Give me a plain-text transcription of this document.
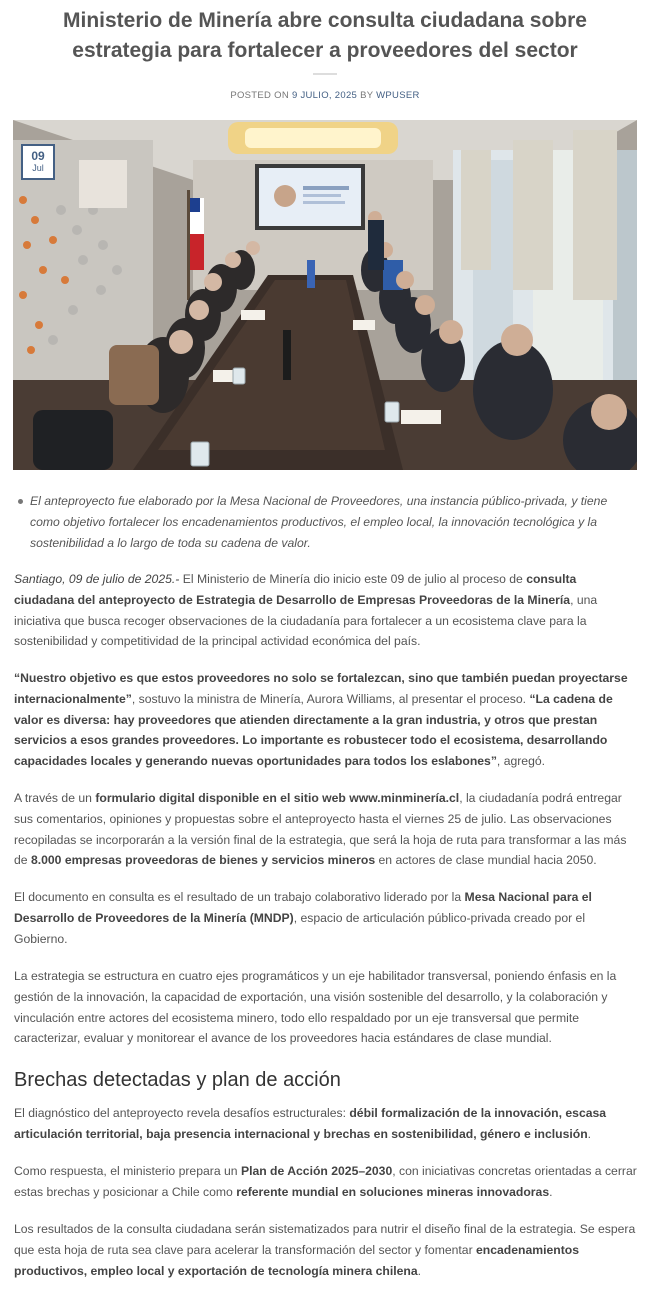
Ministerio de Minería abre consulta ciudadana sobre estrategia para fortalecer a proveedores del sector
POSTED ON 9 JULIO, 2025 BY WPUSER
09
Jul
El anteproyecto fue elaborado por la Mesa Nacional de Proveedores, una instancia público-privada, y tiene como objetivo fortalecer los encadenamientos productivos, el empleo local, la innovación tecnológica y la sostenibilidad a lo largo de toda su cadena de valor.

Santiago, 09 de julio de 2025.- El Ministerio de Minería dio inicio este 09 de julio al proceso de consulta ciudadana del anteproyecto de Estrategia de Desarrollo de Empresas Proveedoras de la Minería, una iniciativa que busca recoger observaciones de la ciudadanía para fortalecer a un ecosistema clave para la sostenibilidad y competitividad de la principal actividad económica del país.

“Nuestro objetivo es que estos proveedores no solo se fortalezcan, sino que también puedan proyectarse internacionalmente”, sostuvo la ministra de Minería, Aurora Williams, al presentar el proceso. “La cadena de valor es diversa: hay proveedores que atienden directamente a la gran industria, y otros que prestan servicios a esos grandes proveedores. Lo importante es robustecer todo el ecosistema, desarrollando capacidades locales y generando nuevas oportunidades para todos los eslabones”, agregó.

A través de un formulario digital disponible en el sitio web www.minminería.cl, la ciudadanía podrá entregar sus comentarios, opiniones y propuestas sobre el anteproyecto hasta el viernes 25 de julio. Las observaciones recopiladas se incorporarán a la versión final de la estrategia, que será la hoja de ruta para transformar a las más de 8.000 empresas proveedoras de bienes y servicios mineros en actores de clase mundial hacia 2050.

El documento en consulta es el resultado de un trabajo colaborativo liderado por la Mesa Nacional para el Desarrollo de Proveedores de la Minería (MNDP), espacio de articulación público-privada creado por el Gobierno.

La estrategia se estructura en cuatro ejes programáticos y un eje habilitador transversal, poniendo énfasis en la gestión de la innovación, la capacidad de exportación, una visión sostenible del desarrollo, y la colaboración y vinculación entre actores del ecosistema minero, todo ello respaldado por un eje transversal que permite caracterizar, evaluar y monitorear el avance de los proveedores hacia estándares de clase mundial.

Brechas detectadas y plan de acción

El diagnóstico del anteproyecto revela desafíos estructurales: débil formalización de la innovación, escasa articulación territorial, baja presencia internacional y brechas en sostenibilidad, género e inclusión.

Como respuesta, el ministerio prepara un Plan de Acción 2025–2030, con iniciativas concretas orientadas a cerrar estas brechas y posicionar a Chile como referente mundial en soluciones mineras innovadoras.

Los resultados de la consulta ciudadana serán sistematizados para nutrir el diseño final de la estrategia. Se espera que esta hoja de ruta sea clave para acelerar la transformación del sector y fomentar encadenamientos productivos, empleo local y exportación de tecnología minera chilena.
